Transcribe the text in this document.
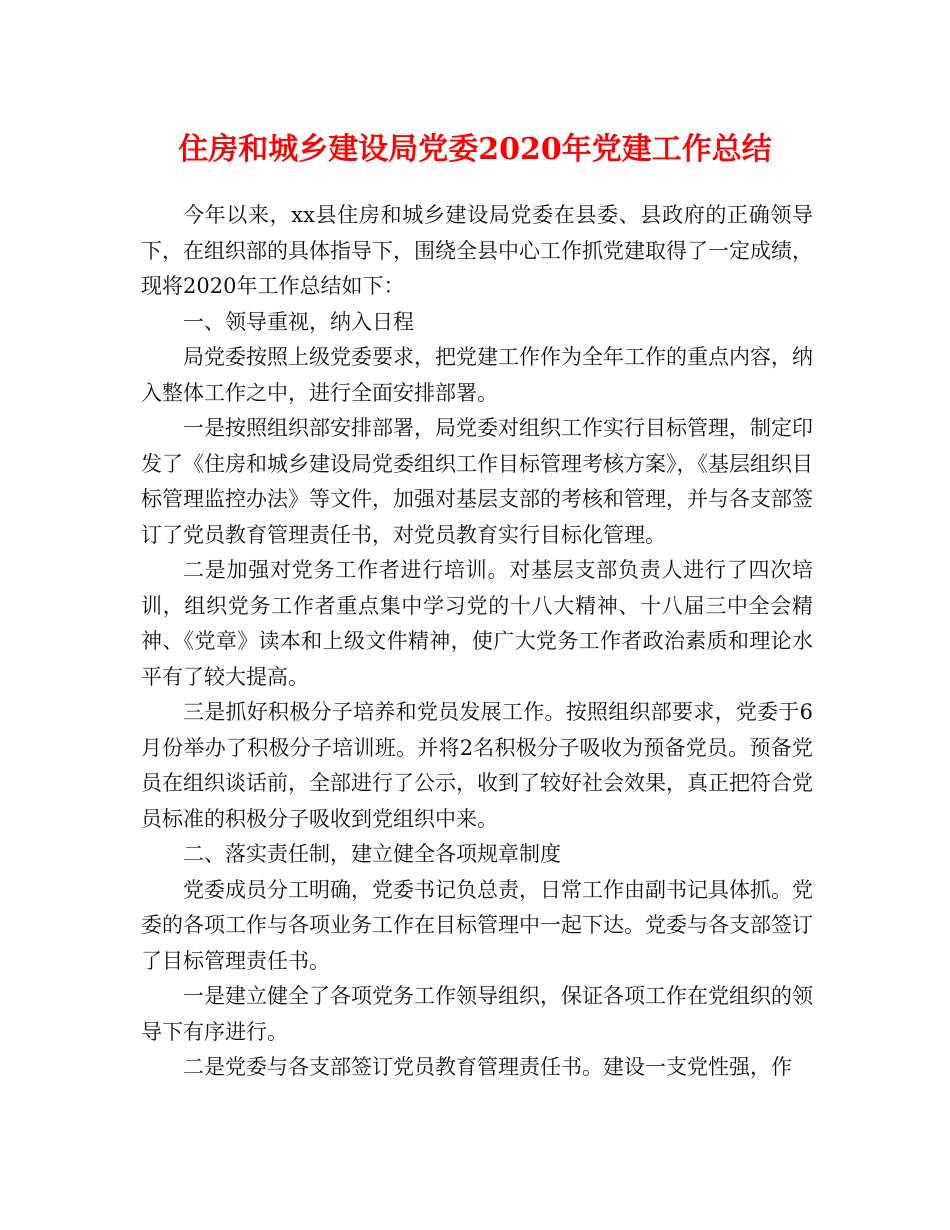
住房和城乡建设局党委2020年党建工作总结

今年以来，xx县住房和城乡建设局党委在县委、县政府的正确领导下，在组织部的具体指导下，围绕全县中心工作抓党建取得了一定成绩，现将2020年工作总结如下：

一、领导重视，纳入日程

局党委按照上级党委要求，把党建工作作为全年工作的重点内容，纳入整体工作之中，进行全面安排部署。

一是按照组织部安排部署，局党委对组织工作实行目标管理，制定印发了《住房和城乡建设局党委组织工作目标管理考核方案》，《基层组织目标管理监控办法》等文件，加强对基层支部的考核和管理，并与各支部签订了党员教育管理责任书，对党员教育实行目标化管理。

二是加强对党务工作者进行培训。对基层支部负责人进行了四次培训，组织党务工作者重点集中学习党的十八大精神、十八届三中全会精神、《党章》读本和上级文件精神，使广大党务工作者政治素质和理论水平有了较大提高。

三是抓好积极分子培养和党员发展工作。按照组织部要求，党委于6月份举办了积极分子培训班。并将2名积极分子吸收为预备党员。预备党员在组织谈话前，全部进行了公示，收到了较好社会效果，真正把符合党员标准的积极分子吸收到党组织中来。

二、落实责任制，建立健全各项规章制度

党委成员分工明确，党委书记负总责，日常工作由副书记具体抓。党委的各项工作与各项业务工作在目标管理中一起下达。党委与各支部签订了目标管理责任书。

一是建立健全了各项党务工作领导组织，保证各项工作在党组织的领导下有序进行。

二是党委与各支部签订党员教育管理责任书。建设一支党性强，作
